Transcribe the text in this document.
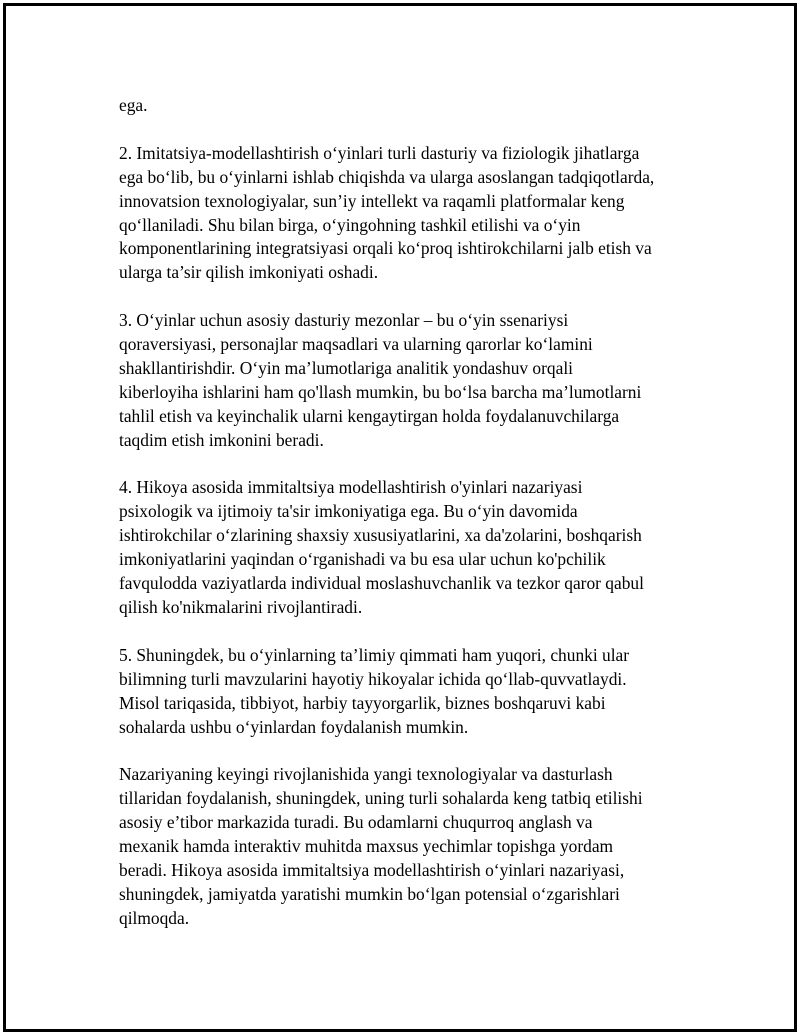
ega.

2. Imitatsiya-modellashtirish o‘yinlari turli dasturiy va fiziologik jihatlarga
ega bo‘lib, bu o‘yinlarni ishlab chiqishda va ularga asoslangan tadqiqotlarda,
innovatsion texnologiyalar, sun’iy intellekt va raqamli platformalar keng
qo‘llaniladi. Shu bilan birga, o‘yingohning tashkil etilishi va o‘yin
komponentlarining integratsiyasi orqali ko‘proq ishtirokchilarni jalb etish va
ularga ta’sir qilish imkoniyati oshadi.

3. O‘yinlar uchun asosiy dasturiy mezonlar – bu o‘yin ssenariysi
qoraversiyasi, personajlar maqsadlari va ularning qarorlar ko‘lamini
shakllantirishdir. O‘yin ma’lumotlariga analitik yondashuv orqali
kiberloyiha ishlarini ham qo'llash mumkin, bu bo‘lsa barcha ma’lumotlarni
tahlil etish va keyinchalik ularni kengaytirgan holda foydalanuvchilarga
taqdim etish imkonini beradi.

4. Hikoya asosida immitaltsiya modellashtirish o'yinlari nazariyasi
psixologik va ijtimoiy ta'sir imkoniyatiga ega. Bu o‘yin davomida
ishtirokchilar o‘zlarining shaxsiy xususiyatlarini, xa da'zolarini, boshqarish
imkoniyatlarini yaqindan o‘rganishadi va bu esa ular uchun ko'pchilik
favqulodda vaziyatlarda individual moslashuvchanlik va tezkor qaror qabul
qilish ko'nikmalarini rivojlantiradi.

5. Shuningdek, bu o‘yinlarning ta’limiy qimmati ham yuqori, chunki ular
bilimning turli mavzularini hayotiy hikoyalar ichida qo‘llab-quvvatlaydi.
Misol tariqasida, tibbiyot, harbiy tayyorgarlik, biznes boshqaruvi kabi
sohalarda ushbu o‘yinlardan foydalanish mumkin.

Nazariyaning keyingi rivojlanishida yangi texnologiyalar va dasturlash
tillaridan foydalanish, shuningdek, uning turli sohalarda keng tatbiq etilishi
asosiy e’tibor markazida turadi. Bu odamlarni chuqurroq anglash va
mexanik hamda interaktiv muhitda maxsus yechimlar topishga yordam
beradi. Hikoya asosida immitaltsiya modellashtirish o‘yinlari nazariyasi,
shuningdek, jamiyatda yaratishi mumkin bo‘lgan potensial o‘zgarishlari
qilmoqda.
